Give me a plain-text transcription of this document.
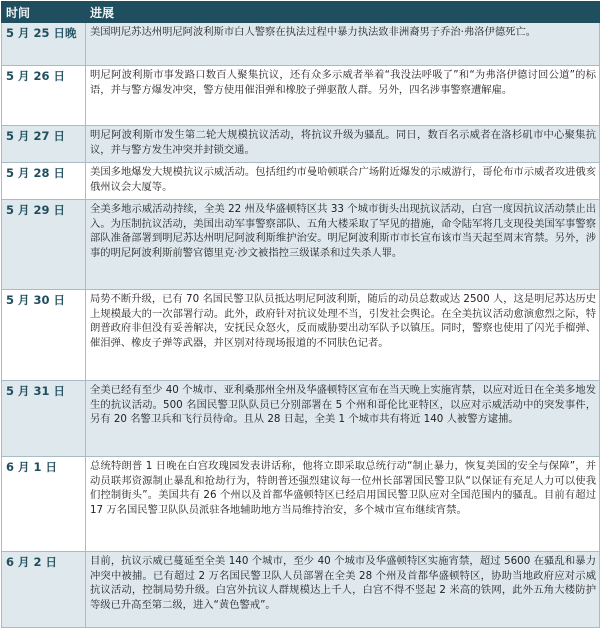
时间	进展
5 月 25 日晚	美国明尼苏达州明尼阿波利斯市白人警察在执法过程中暴力执法致非洲裔男子乔治·弗洛伊德死亡。
5 月 26 日	明尼阿波利斯市事发路口数百人聚集抗议，还有众多示威者举着“我没法呼吸了”和“为弗洛伊德讨回公道”的标语，并与警方爆发冲突，警方使用催泪弹和橡胶子弹驱散人群。另外，四名涉事警察遭解雇。
5 月 27 日	明尼阿波利斯市发生第二轮大规模抗议活动，将抗议升级为骚乱。同日，数百名示威者在洛杉矶市中心聚集抗议，并与警方发生冲突并封锁交通。
5 月 28 日	美国多地爆发大规模抗议示威活动。包括纽约市曼哈顿联合广场附近爆发的示威游行，哥伦布市示威者攻进俄亥俄州议会大厦等。
5 月 29 日	全美多地示威活动持续，全美 22 州及华盛顿特区共 33 个城市街头出现抗议活动，白宫一度因抗议活动禁止出入。为压制抗议活动，美国出动军事警察部队、五角大楼采取了罕见的措施，命令陆军将几支现役美国军事警察部队准备部署到明尼苏达州明尼阿波利斯维护治安。明尼阿波利斯市市长宣布该市当天起至周末宵禁。另外，涉事的明尼阿波利斯前警官德里克·沙文被指控三级谋杀和过失杀人罪。
5 月 30 日	局势不断升级，已有 70 名国民警卫队员抵达明尼阿波利斯，随后的动员总数或达 2500 人，这是明尼苏达历史上规模最大的一次部署行动。此外，政府针对抗议处理不当，引发社会舆论。在全美抗议活动愈演愈烈之际，特朗普政府非但没有妥善解决，安抚民众怒火，反而威胁要出动军队予以镇压。同时，警察也使用了闪光手榴弹、催泪弹、橡皮子弹等武器，并区别对待现场报道的不同肤色记者。
5 月 31 日	全美已经有至少 40 个城市、亚利桑那州全州及华盛顿特区宣布在当天晚上实施宵禁，以应对近日在全美多地发生的抗议活动。500 名国民警卫队队员已分别部署在 5 个州和哥伦比亚特区，以应对示威活动中的突发事件，另有 20 名警卫兵和飞行员待命。且从 28 日起，全美 1 个城市共有将近 140 人被警方逮捕。
6 月 1 日	总统特朗普 1 日晚在白宫玫瑰园发表讲话称，他将立即采取总统行动“制止暴力，恢复美国的安全与保障”，并动员联邦资源制止暴乱和抢劫行为，特朗普还强烈建议每一位州长部署国民警卫队“以保证有充足人力可以使我们控制街头”。美国共有 26 个州以及首都华盛顿特区已经启用国民警卫队应对全国范围内的骚乱。目前有超过 17 万名国民警卫队队员派驻各地辅助地方当局维持治安，多个城市宣布继续宵禁。
6 月 2 日	目前，抗议示威已蔓延至全美 140 个城市，至少 40 个城市及华盛顿特区实施宵禁，超过 5600 在骚乱和暴力冲突中被捕。已有超过 2 万名国民警卫队人员部署在全美 28 个州及首都华盛顿特区，协助当地政府应对示威抗议活动，控制局势升级。白宫外抗议人群规模达上千人，白宫不得不竖起 2 米高的铁网，此外五角大楼防护等级已升高至第二级，进入“黄色警戒”。
